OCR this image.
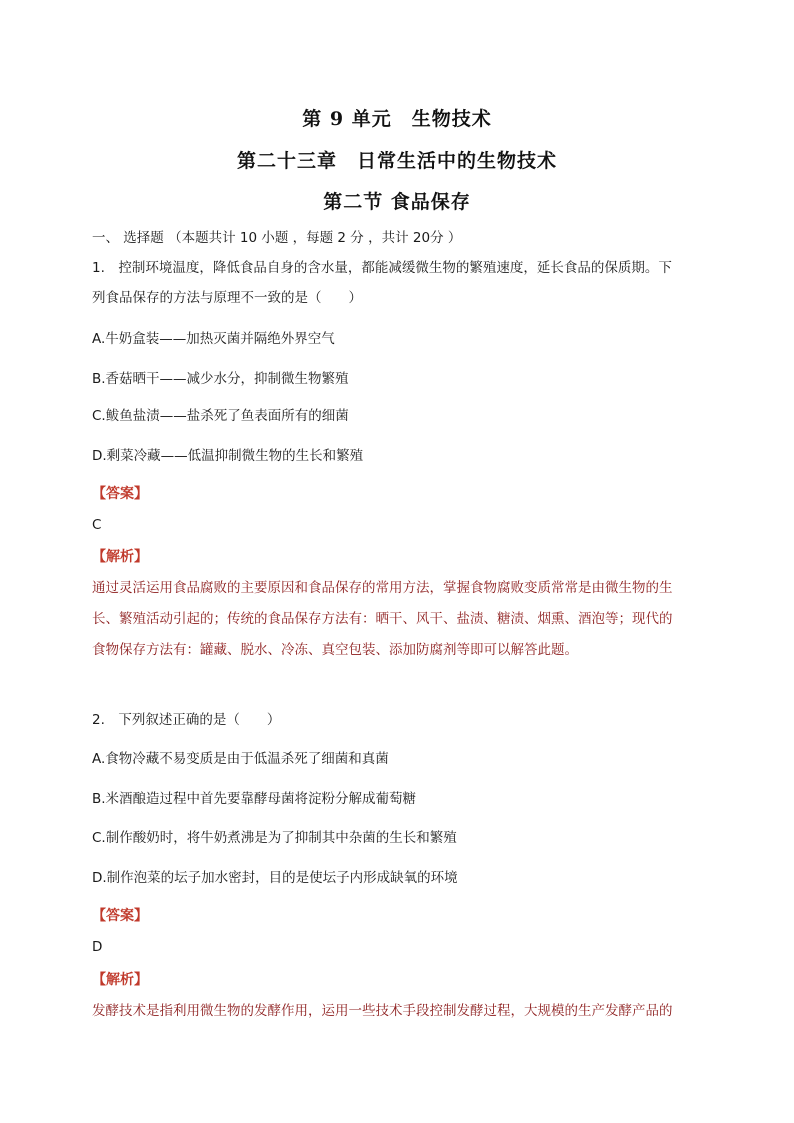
第 9 单元　生物技术
第二十三章　日常生活中的生物技术
第二节 食品保存
一、 选择题 （本题共计 10 小题 ，每题 2 分 ，共计 20分 ）
1.　控制环境温度，降低食品自身的含水量，都能减缓微生物的繁殖速度，延长食品的保质期。下
列食品保存的方法与原理不一致的是（　　）
A.牛奶盒装——加热灭菌并隔绝外界空气
B.香菇晒干——减少水分，抑制微生物繁殖
C.鲅鱼盐渍——盐杀死了鱼表面所有的细菌
D.剩菜冷藏——低温抑制微生物的生长和繁殖
【答案】
C
【解析】
通过灵活运用食品腐败的主要原因和食品保存的常用方法，掌握食物腐败变质常常是由微生物的生
长、繁殖活动引起的；传统的食品保存方法有：晒干、风干、盐渍、糖渍、烟熏、酒泡等；现代的
食物保存方法有：罐藏、脱水、冷冻、真空包装、添加防腐剂等即可以解答此题。
2.　下列叙述正确的是（　　）
A.食物冷藏不易变质是由于低温杀死了细菌和真菌
B.米酒酿造过程中首先要靠酵母菌将淀粉分解成葡萄糖
C.制作酸奶时，将牛奶煮沸是为了抑制其中杂菌的生长和繁殖
D.制作泡菜的坛子加水密封，目的是使坛子内形成缺氧的环境
【答案】
D
【解析】
发酵技术是指利用微生物的发酵作用，运用一些技术手段控制发酵过程，大规模的生产发酵产品的
